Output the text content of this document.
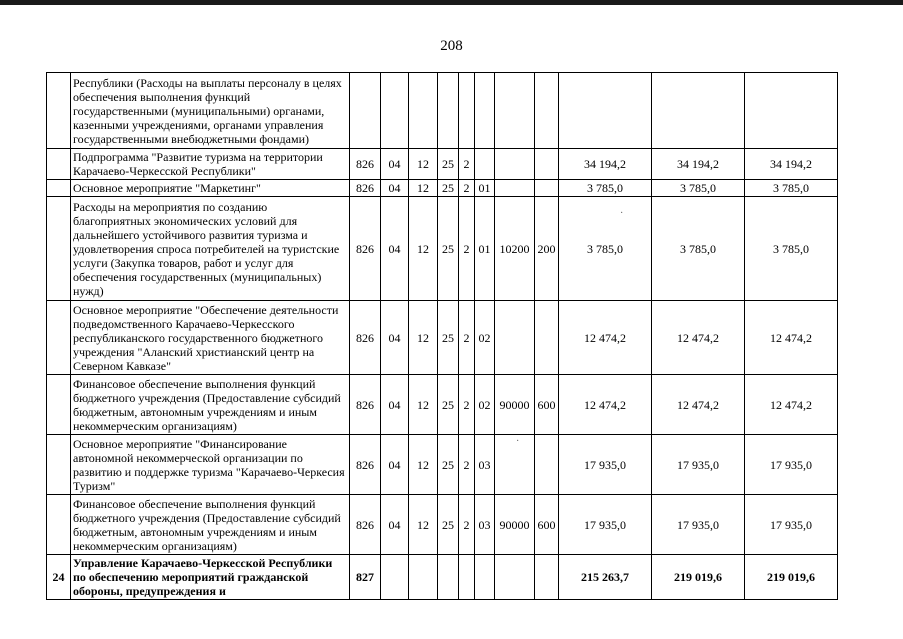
208
	Республики (Расходы на выплаты персоналу в целях обеспечения выполнения функций государственными (муниципальными) органами, казенными учреждениями, органами управления государственными внебюджетными фондами)											
	Подпрограмма "Развитие туризма на территории Карачаево-Черкесской Республики"	826	04	12	25	2				34 194,2	34 194,2	34 194,2
	Основное мероприятие "Маркетинг"	826	04	12	25	2	01			3 785,0	3 785,0	3 785,0
	Расходы на мероприятия по созданию благоприятных экономических условий для дальнейшего устойчивого развития туризма и удовлетворения спроса потребителей на туристские услуги (Закупка товаров, работ и услуг для обеспечения государственных (муниципальных) нужд)	826	04	12	25	2	01	10200	200	3 785,0	3 785,0	3 785,0
	Основное мероприятие "Обеспечение деятельности подведомственного Карачаево-Черкесского республиканского государственного бюджетного учреждения "Аланский христианский центр на Северном Кавказе"	826	04	12	25	2	02			12 474,2	12 474,2	12 474,2
	Финансовое обеспечение выполнения функций бюджетного учреждения (Предоставление субсидий бюджетным, автономным учреждениям и иным некоммерческим организациям)	826	04	12	25	2	02	90000	600	12 474,2	12 474,2	12 474,2
	Основное мероприятие "Финансирование автономной некоммерческой организации по развитию и поддержке туризма "Карачаево-Черкесия Туризм"	826	04	12	25	2	03			17 935,0	17 935,0	17 935,0
	Финансовое обеспечение выполнения функций бюджетного учреждения (Предоставление субсидий бюджетным, автономным учреждениям и иным некоммерческим организациям)	826	04	12	25	2	03	90000	600	17 935,0	17 935,0	17 935,0
24	Управление Карачаево-Черкесской Республики по обеспечению мероприятий гражданской обороны, предупреждения и	827								215 263,7	219 019,6	219 019,6
·
·
